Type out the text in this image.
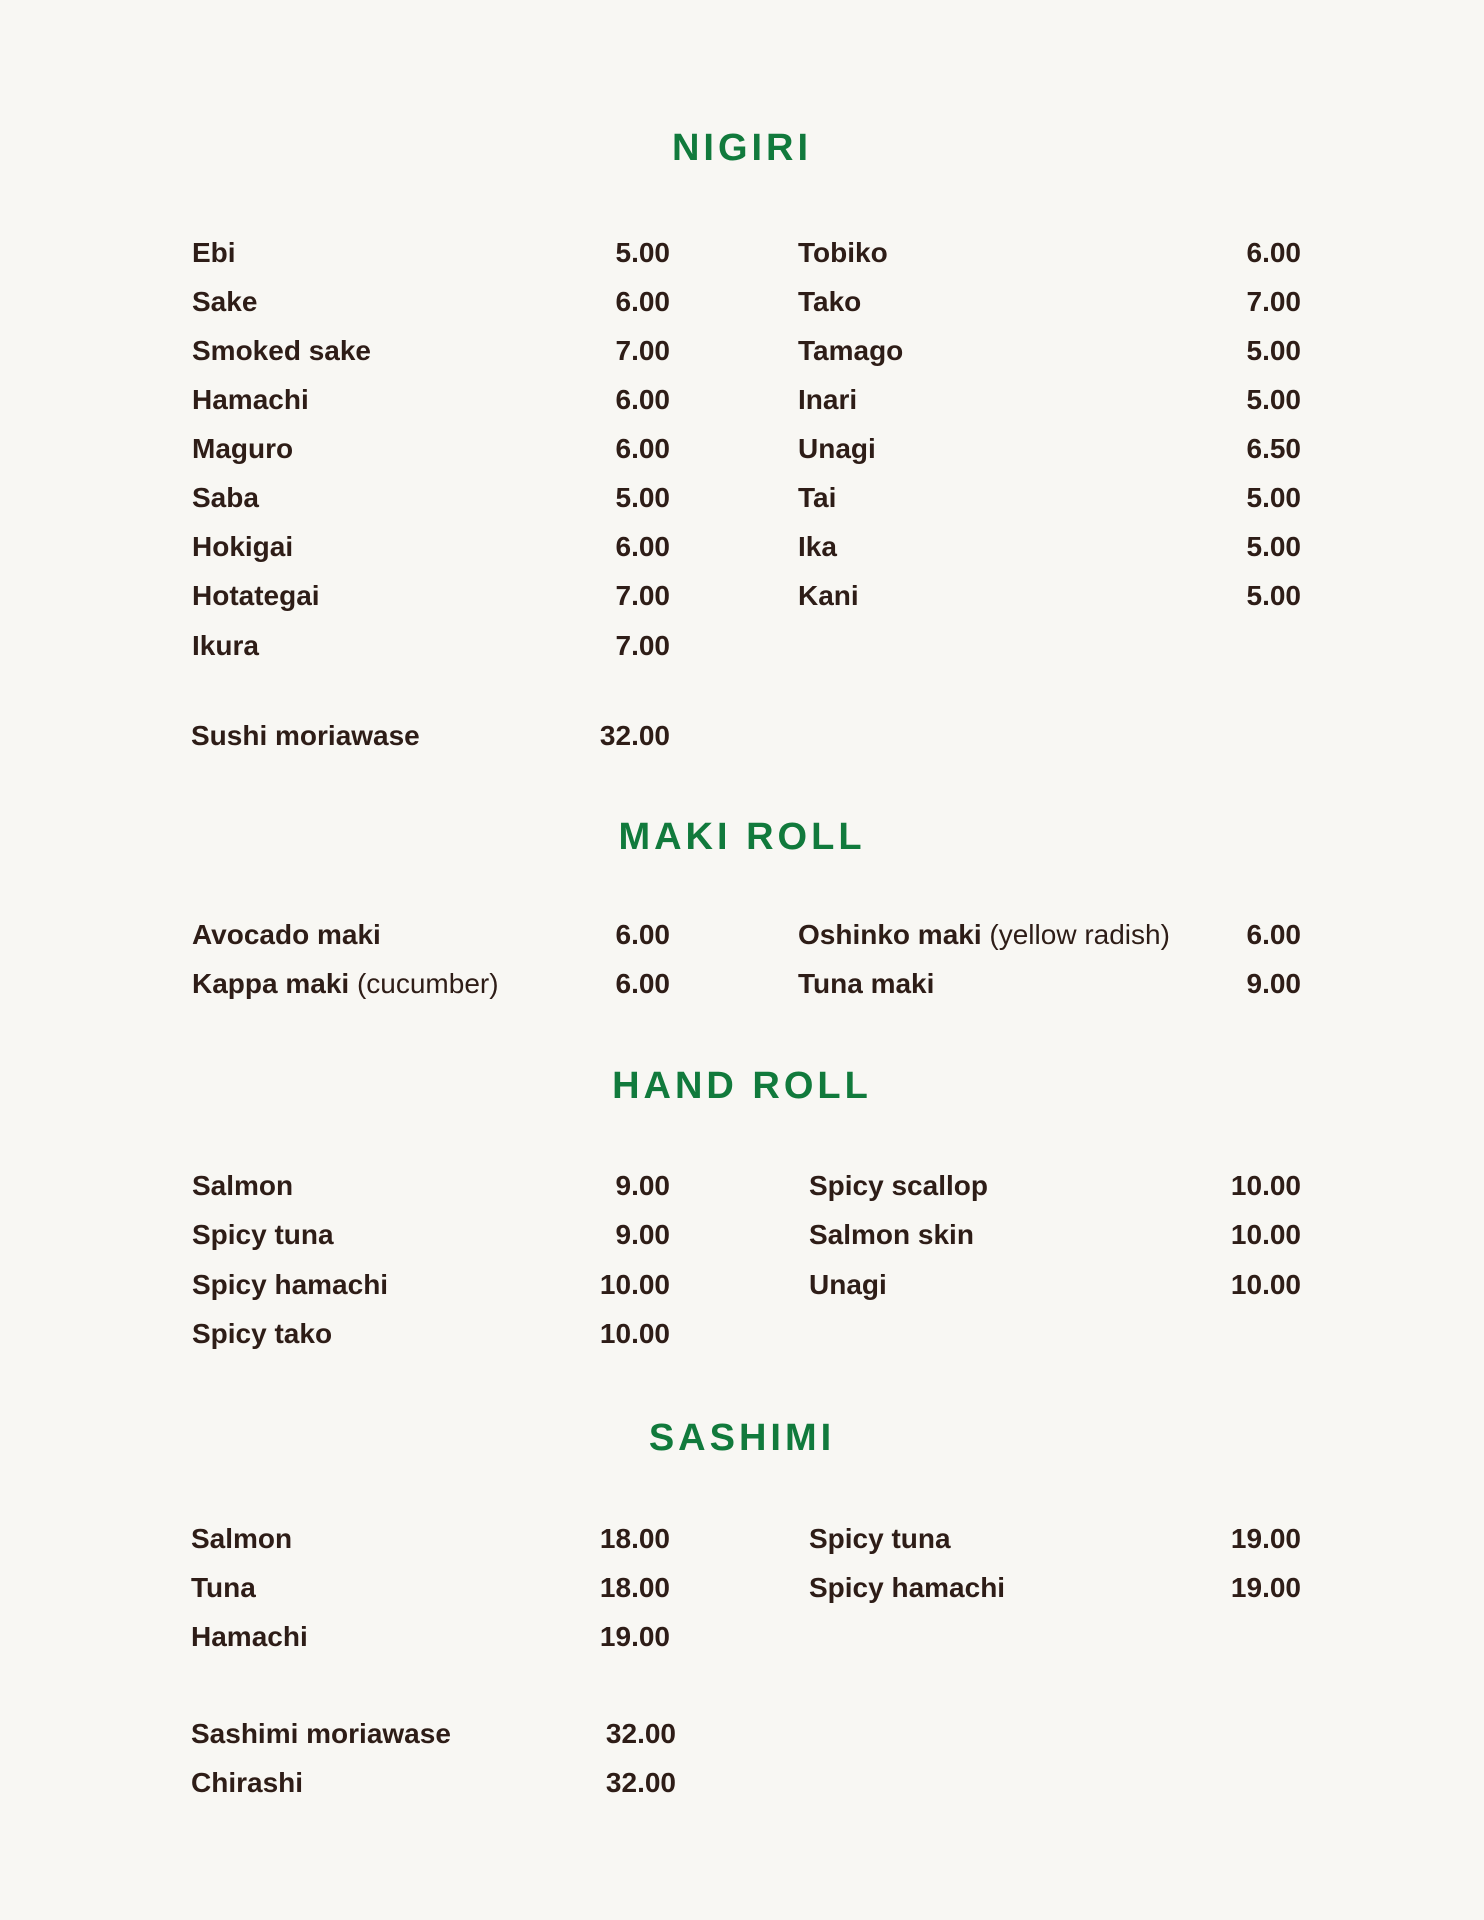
NIGIRI
Ebi	5.00
Sake	6.00
Smoked sake	7.00
Hamachi	6.00
Maguro	6.00
Saba	5.00
Hokigai	6.00
Hotategai	7.00
Ikura	7.00
Tobiko	6.00
Tako	7.00
Tamago	5.00
Inari	5.00
Unagi	6.50
Tai	5.00
Ika	5.00
Kani	5.00
Sushi moriawase	32.00
MAKI ROLL
Avocado maki	6.00
Kappa maki (cucumber)	6.00
Oshinko maki (yellow radish)	6.00
Tuna maki	9.00
HAND ROLL
Salmon	9.00
Spicy tuna	9.00
Spicy hamachi	10.00
Spicy tako	10.00
Spicy scallop	10.00
Salmon skin	10.00
Unagi	10.00
SASHIMI
Salmon	18.00
Tuna	18.00
Hamachi	19.00
Spicy tuna	19.00
Spicy hamachi	19.00
Sashimi moriawase	32.00
Chirashi	32.00
